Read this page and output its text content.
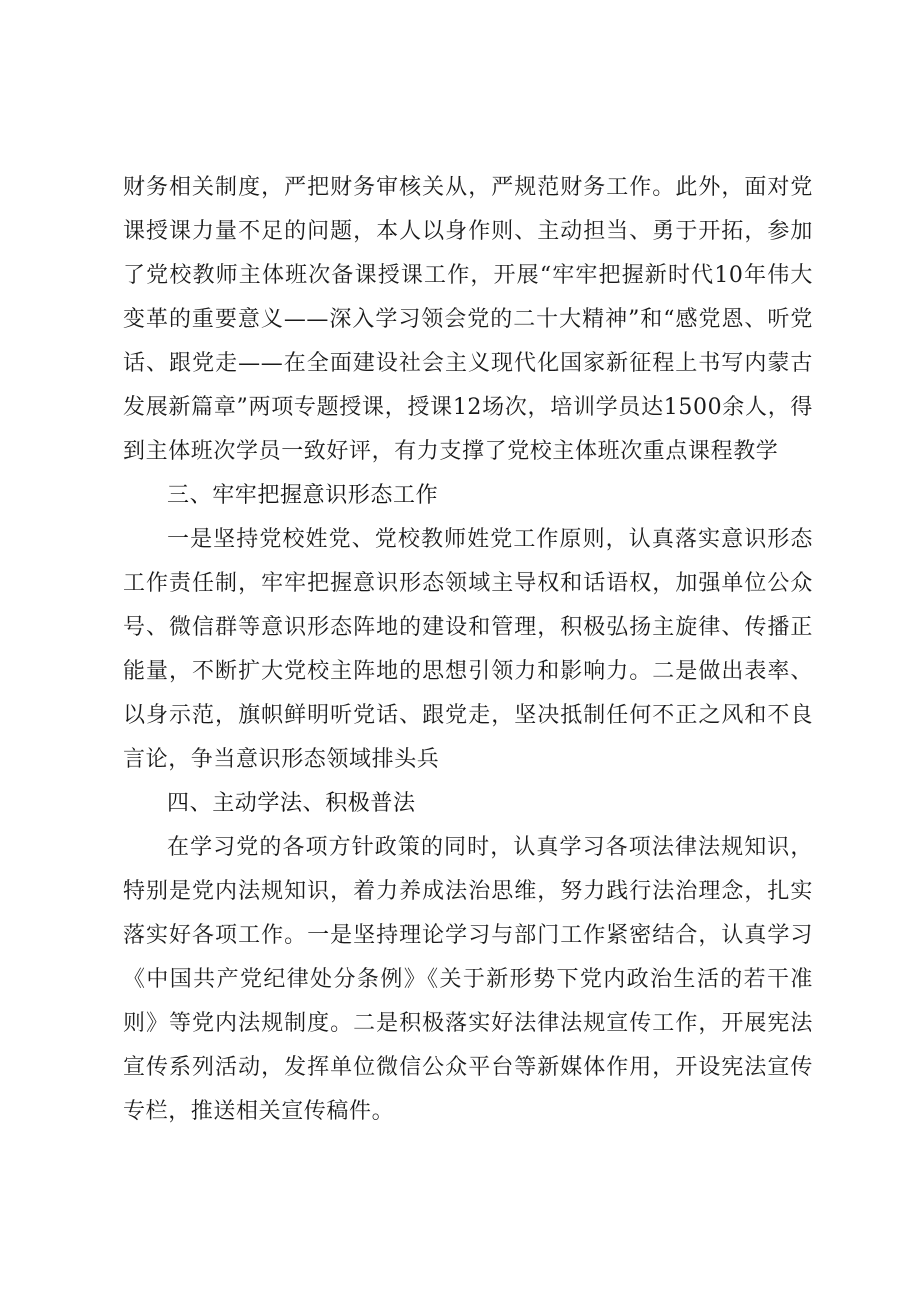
财务相关制度，严把财务审核关从，严规范财务工作。此外，面对党课授课力量不足的问题，本人以身作则、主动担当、勇于开拓，参加了党校教师主体班次备课授课工作，开展“牢牢把握新时代10年伟大变革的重要意义——深入学习领会党的二十大精神”和“感党恩、听党话、跟党走——在全面建设社会主义现代化国家新征程上书写内蒙古发展新篇章”两项专题授课，授课12场次，培训学员达1500余人，得到主体班次学员一致好评，有力支撑了党校主体班次重点课程教学

三、牢牢把握意识形态工作

一是坚持党校姓党、党校教师姓党工作原则，认真落实意识形态工作责任制，牢牢把握意识形态领域主导权和话语权，加强单位公众号、微信群等意识形态阵地的建设和管理，积极弘扬主旋律、传播正能量，不断扩大党校主阵地的思想引领力和影响力。二是做出表率、以身示范，旗帜鲜明听党话、跟党走，坚决抵制任何不正之风和不良言论，争当意识形态领域排头兵

四、主动学法、积极普法

在学习党的各项方针政策的同时，认真学习各项法律法规知识，特别是党内法规知识，着力养成法治思维，努力践行法治理念，扎实落实好各项工作。一是坚持理论学习与部门工作紧密结合，认真学习《中国共产党纪律处分条例》《关于新形势下党内政治生活的若干准则》等党内法规制度。二是积极落实好法律法规宣传工作，开展宪法宣传系列活动，发挥单位微信公众平台等新媒体作用，开设宪法宣传专栏，推送相关宣传稿件。
